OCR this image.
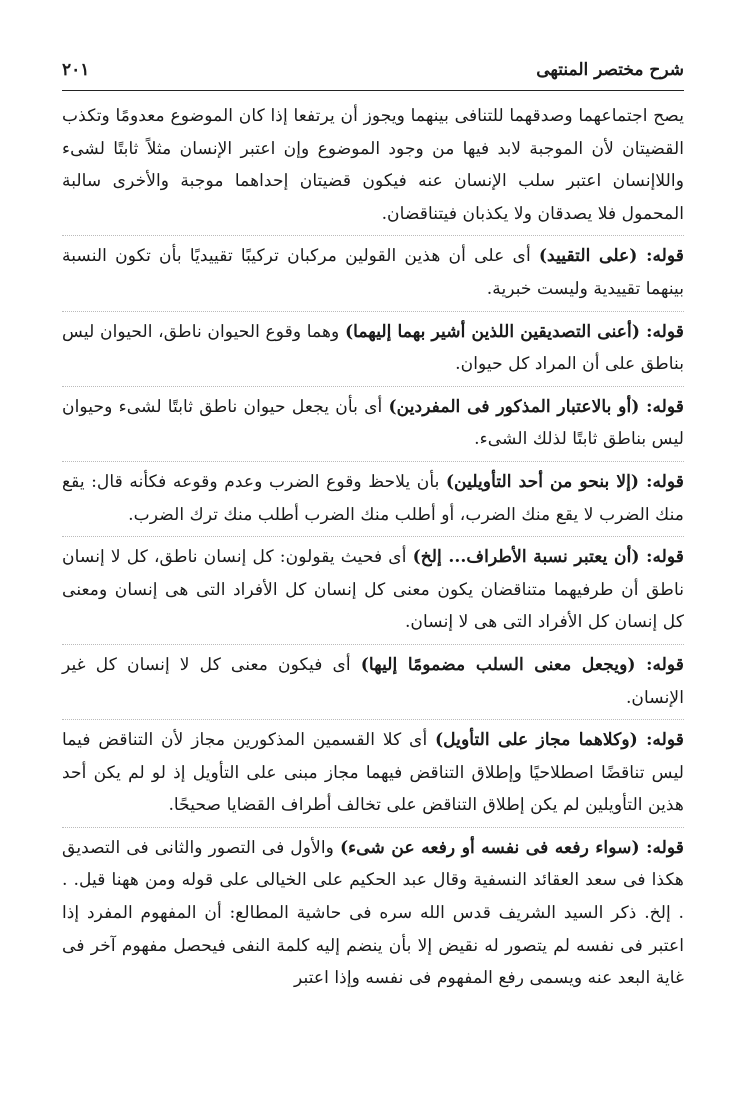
شرح مختصر المنتهى
٢٠١

يصح اجتماعهما وصدقهما للتنافى بينهما ويجوز أن يرتفعا إذا كان الموضوع معدومًا وتكذب القضيتان لأن الموجبة لابد فيها من وجود الموضوع وإن اعتبر الإنسان مثلاً ثابتًا لشىء واللاإنسان اعتبر سلب الإنسان عنه فيكون قضيتان إحداهما موجبة والأخرى سالبة المحمول فلا يصدقان ولا يكذبان فيتناقضان.

قوله: (على التقييد) أى على أن هذين القولين مركبان تركيبًا تقييديًا بأن تكون النسبة بينهما تقييدية وليست خبرية.

قوله: (أعنى التصديقين اللذين أشير بهما إليهما) وهما وقوع الحيوان ناطق، الحيوان ليس بناطق على أن المراد كل حيوان.

قوله: (أو بالاعتبار المذكور فى المفردين) أى بأن يجعل حيوان ناطق ثابتًا لشىء وحيوان ليس بناطق ثابتًا لذلك الشىء.

قوله: (إلا بنحو من أحد التأويلين) بأن يلاحظ وقوع الضرب وعدم وقوعه فكأنه قال: يقع منك الضرب لا يقع منك الضرب، أو أطلب منك الضرب أطلب منك ترك الضرب.

قوله: (أن يعتبر نسبة الأطراف... إلخ) أى فحيث يقولون: كل إنسان ناطق، كل لا إنسان ناطق أن طرفيهما متناقضان يكون معنى كل إنسان كل الأفراد التى هى إنسان ومعنى كل إنسان كل الأفراد التى هى لا إنسان.

قوله: (ويجعل معنى السلب مضمومًا إليها) أى فيكون معنى كل لا إنسان كل غير الإنسان.

قوله: (وكلاهما مجاز على التأويل) أى كلا القسمين المذكورين مجاز لأن التناقض فيما ليس تناقضًا اصطلاحيًا وإطلاق التناقض فيهما مجاز مبنى على التأويل إذ لو لم يكن أحد هذين التأويلين لم يكن إطلاق التناقض على تخالف أطراف القضايا صحيحًا.

قوله: (سواء رفعه فى نفسه أو رفعه عن شىء) والأول فى التصور والثانى فى التصديق هكذا فى سعد العقائد النسفية وقال عبد الحكيم على الخيالى على قوله ومن ههنا قيل. . . إلخ. ذكر السيد الشريف قدس الله سره فى حاشية المطالع: أن المفهوم المفرد إذا اعتبر فى نفسه لم يتصور له نقيض إلا بأن ينضم إليه كلمة النفى فيحصل مفهوم آخر فى غاية البعد عنه ويسمى رفع المفهوم فى نفسه وإذا اعتبر
